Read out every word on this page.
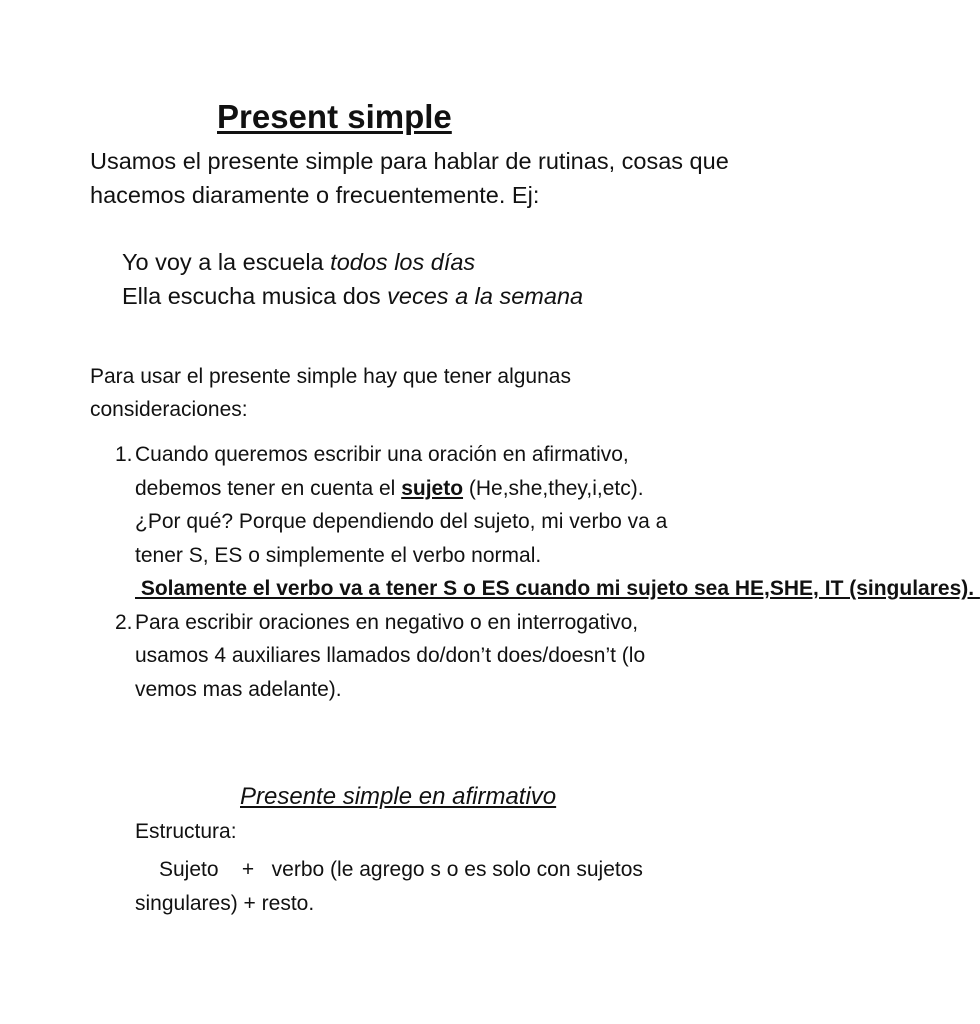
Present simple

Usamos el presente simple para hablar de rutinas, cosas que hacemos diaramente o frecuentemente. Ej:

Yo voy a la escuela todos los días
Ella escucha musica dos veces a la semana

Para usar el presente simple hay que tener algunas consideraciones:

1. Cuando queremos escribir una oración en afirmativo, debemos tener en cuenta el sujeto (He,she,they,i,etc). ¿Por qué? Porque dependiendo del sujeto, mi verbo va a tener S, ES o simplemente el verbo normal. Solamente el verbo va a tener S o ES cuando mi sujeto sea HE,SHE, IT (singulares).
2. Para escribir oraciones en negativo o en interrogativo, usamos 4 auxiliares llamados do/don’t does/doesn’t (lo vemos mas adelante).
Presente simple en afirmativo
Estructura:

Sujeto + verbo (le agrego s o es solo con sujetos singulares) + resto.
